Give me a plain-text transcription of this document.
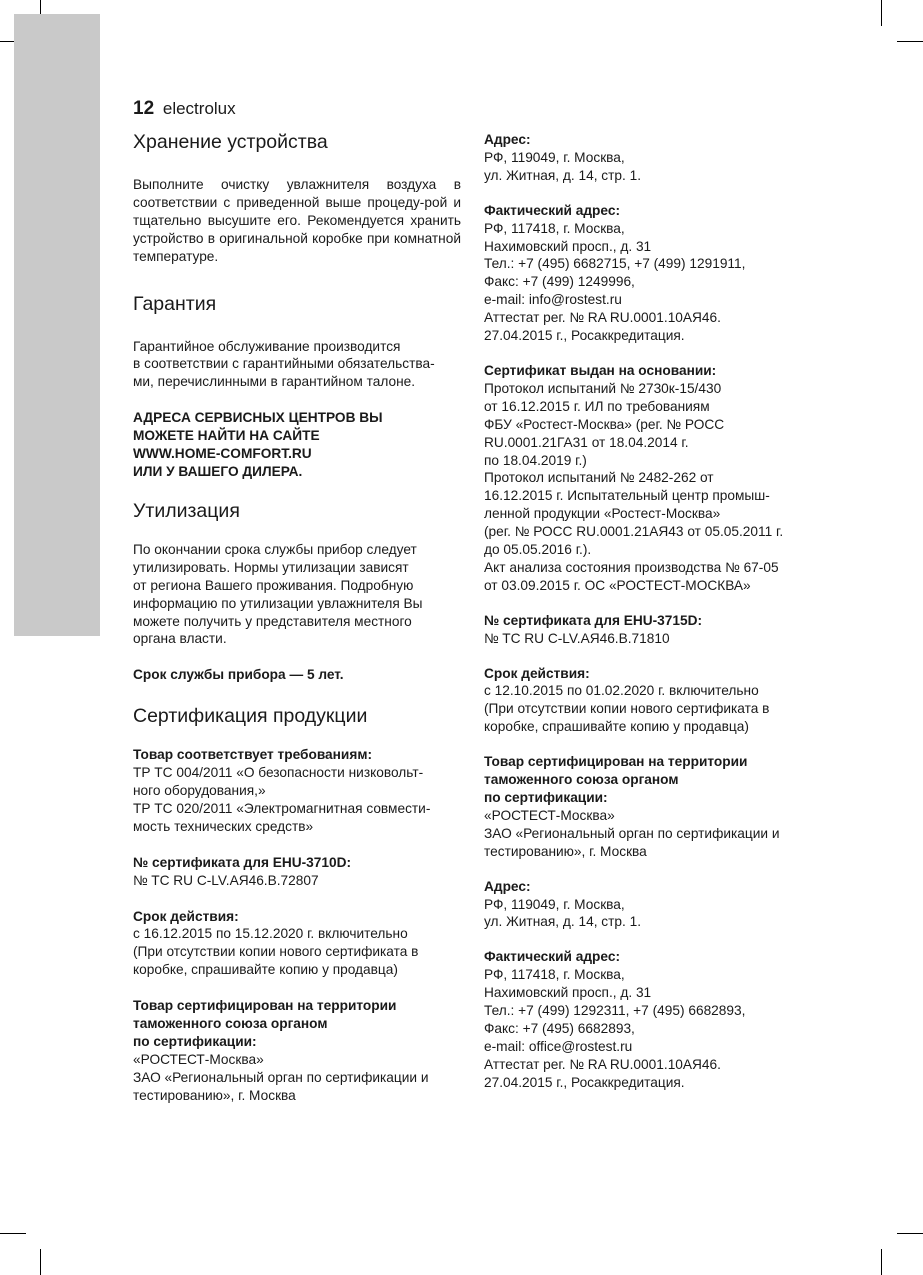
12 electrolux
Хранение устройства

Выполните очистку увлажнителя воздуха в соответствии с приведенной выше процеду-рой и тщательно высушите его. Рекомендуется хранить устройство в оригинальной коробке при комнатной температуре.

Гарантия

Гарантийное обслуживание производится
в соответствии с гарантийными обязательства-
ми, перечислинными в гарантийном талоне.

АДРЕСА СЕРВИСНЫХ ЦЕНТРОВ ВЫ
МОЖЕТЕ НАЙТИ НА САЙТЕ
WWW.HOME-COMFORT.RU
ИЛИ У ВАШЕГО ДИЛЕРА.

Утилизация

По окончании срока службы прибор следует
утилизировать. Нормы утилизации зависят
от региона Вашего проживания. Подробную
информацию по утилизации увлажнителя Вы
можете получить у представителя местного
органа власти.

Срок службы прибора — 5 лет.

Сертификация продукции

Товар соответствует требованиям:

ТР ТС 004/2011 «О безопасности низковольт-
ного оборудования,»
ТР ТС 020/2011 «Электромагнитная совмести-
мость технических средств»

№ сертификата для EHU-3710D:

№ TC RU C-LV.АЯ46.В.72807

Срок действия:

с 16.12.2015 по 15.12.2020 г. включительно
(При отсутствии копии нового сертификата в
коробке, спрашивайте копию у продавца)

Товар сертифицирован на территории
таможенного союза органом
по сертификации:

«РОСТЕСТ-Москва»
ЗАО «Региональный орган по сертификации и
тестированию», г. Москва

Адрес:

РФ, 119049, г. Москва,
ул. Житная, д. 14, стр. 1.

Фактический адрес:

РФ, 117418, г. Москва,
Нахимовский просп., д. 31
Тел.: +7 (495) 6682715, +7 (499) 1291911,
Факс: +7 (499) 1249996,
e-mail: info@rostest.ru
Аттестат рег. № RA RU.0001.10АЯ46.
27.04.2015 г., Росаккредитация.

Сертификат выдан на основании:

Протокол испытаний № 2730к-15/430
от 16.12.2015 г. ИЛ по требованиям
ФБУ «Ростест-Москва» (рег. № РОСС
RU.0001.21ГА31 от 18.04.2014 г.
по 18.04.2019 г.)
Протокол испытаний № 2482-262 от
16.12.2015 г. Испытательный центр промыш-
ленной продукции «Ростест-Москва»
(рег. № РОСС RU.0001.21АЯ43 от 05.05.2011 г.
до 05.05.2016 г.).
Акт анализа состояния производства № 67-05
от 03.09.2015 г. ОС «РОСТЕСТ-МОСКВА»

№ сертификата для EHU-3715D:

№ TC RU C-LV.АЯ46.В.71810

Срок действия:

с 12.10.2015 по 01.02.2020 г. включительно
(При отсутствии копии нового сертификата в
коробке, спрашивайте копию у продавца)

Товар сертифицирован на территории
таможенного союза органом
по сертификации:

«РОСТЕСТ-Москва»
ЗАО «Региональный орган по сертификации и
тестированию», г. Москва

Адрес:

РФ, 119049, г. Москва,
ул. Житная, д. 14, стр. 1.

Фактический адрес:

РФ, 117418, г. Москва,
Нахимовский просп., д. 31
Тел.: +7 (499) 1292311, +7 (495) 6682893,
Факс: +7 (495) 6682893,
e-mail: office@rostest.ru
Аттестат рег. № RA RU.0001.10АЯ46.
27.04.2015 г., Росаккредитация.
